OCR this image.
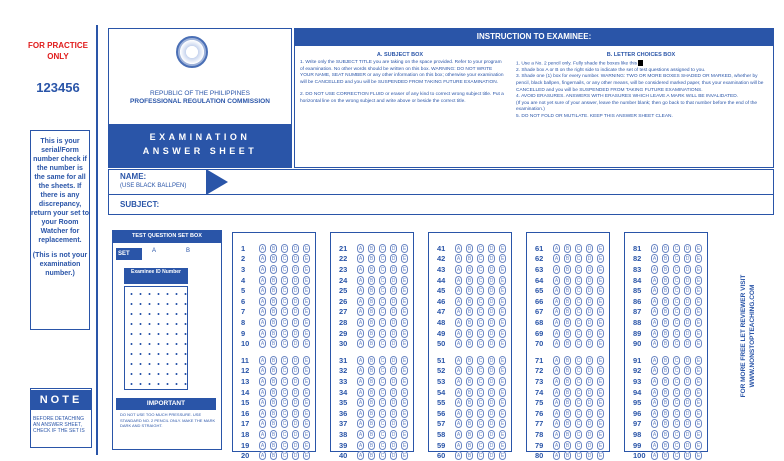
FOR PRACTICE ONLY
123456
This is your serial/Form number check if the number is the same for all the sheets. If there is any discrepancy, return your set to your Room Watcher for replacement.
(This is not your examination number.)
NOTE
BEFORE DETACHING AN ANSWER SHEET, CHECK IF THE SET IS
REPUBLIC OF THE PHILIPPINES
PROFESSIONAL REGULATION COMMISSION
EXAMINATION
ANSWER SHEET
INSTRUCTION TO EXAMINEE:
A. SUBJECT BOX	B. LETTER CHOICES BOX
1. Write only the SUBJECT TITLE you are taking on the space provided. Refer to your program of examination. No other words should be written on this box. WARNING: DO NOT WRITE YOUR NAME, SEAT NUMBER or any other information on this box; otherwise your examination will be CANCELLED and you will be SUSPENDED FROM TAKING FUTURE EXAMINATION.
2. DO NOT USE CORRECTION FLUID or eraser of any kind to correct wrong subject title. Put a horizontal line on the wrong subject and write above or beside the correct title.
1. Use a No. 2 pencil only. Fully shade the boxes like this
2. Shade box A or B on the right side to indicate the set of test questions assigned to you.
3. Shade one (1) box for every number. WARNING: TWO OR MORE BOXES SHADED OR MARKED, whether by pencil, black ballpen, fingernails, or any other means, will be considered marked paper, thus your examination will be CANCELLED and you will be SUSPENDED FROM TAKING FUTURE EXAMINATIONS.
4. AVOID ERASURES. ANSWERS WITH ERASURES WHICH LEAVE A MARK WILL BE INVALIDATED.
(If you are not yet sure of your answer, leave the number blank; then go back to that number before the end of the examination.)
5. DO NOT FOLD OR MUTILATE. KEEP THIS ANSWER SHEET CLEAN.
NAME:
(USE BLACK BALLPEN)
SUBJECT:
TEST QUESTION SET BOX
SET	A	B
Examinee ID Number
IMPORTANT
DO NOT USE TOO MUCH PRESSURE. USE STANDARD NO. 2 PENCIL ONLY. MAKE THE MARK DARK AND STRAIGHT.
1	A	B	C	D	E
2	A	B	C	D	E
3	A	B	C	D	E
4	A	B	C	D	E
5	A	B	C	D	E
6	A	B	C	D	E
7	A	B	C	D	E
8	A	B	C	D	E
9	A	B	C	D	E
10	A	B	C	D	E
11	A	B	C	D	E
12	A	B	C	D	E
13	A	B	C	D	E
14	A	B	C	D	E
15	A	B	C	D	E
16	A	B	C	D	E
17	A	B	C	D	E
18	A	B	C	D	E
19	A	B	C	D	E
20	A	B	C	D	E
21	A	B	C	D	E
22	A	B	C	D	E
23	A	B	C	D	E
24	A	B	C	D	E
25	A	B	C	D	E
26	A	B	C	D	E
27	A	B	C	D	E
28	A	B	C	D	E
29	A	B	C	D	E
30	A	B	C	D	E
31	A	B	C	D	E
32	A	B	C	D	E
33	A	B	C	D	E
34	A	B	C	D	E
35	A	B	C	D	E
36	A	B	C	D	E
37	A	B	C	D	E
38	A	B	C	D	E
39	A	B	C	D	E
40	A	B	C	D	E
41	A	B	C	D	E
42	A	B	C	D	E
43	A	B	C	D	E
44	A	B	C	D	E
45	A	B	C	D	E
46	A	B	C	D	E
47	A	B	C	D	E
48	A	B	C	D	E
49	A	B	C	D	E
50	A	B	C	D	E
51	A	B	C	D	E
52	A	B	C	D	E
53	A	B	C	D	E
54	A	B	C	D	E
55	A	B	C	D	E
56	A	B	C	D	E
57	A	B	C	D	E
58	A	B	C	D	E
59	A	B	C	D	E
60	A	B	C	D	E
61	A	B	C	D	E
62	A	B	C	D	E
63	A	B	C	D	E
64	A	B	C	D	E
65	A	B	C	D	E
66	A	B	C	D	E
67	A	B	C	D	E
68	A	B	C	D	E
69	A	B	C	D	E
70	A	B	C	D	E
71	A	B	C	D	E
72	A	B	C	D	E
73	A	B	C	D	E
74	A	B	C	D	E
75	A	B	C	D	E
76	A	B	C	D	E
77	A	B	C	D	E
78	A	B	C	D	E
79	A	B	C	D	E
80	A	B	C	D	E
81	A	B	C	D	E
82	A	B	C	D	E
83	A	B	C	D	E
84	A	B	C	D	E
85	A	B	C	D	E
86	A	B	C	D	E
87	A	B	C	D	E
88	A	B	C	D	E
89	A	B	C	D	E
90	A	B	C	D	E
91	A	B	C	D	E
92	A	B	C	D	E
93	A	B	C	D	E
94	A	B	C	D	E
95	A	B	C	D	E
96	A	B	C	D	E
97	A	B	C	D	E
98	A	B	C	D	E
99	A	B	C	D	E
100	A	B	C	D	E
FOR MORE FREE LET REVIEWER VISIT WWW.NONSTOPTEACHING.COM
